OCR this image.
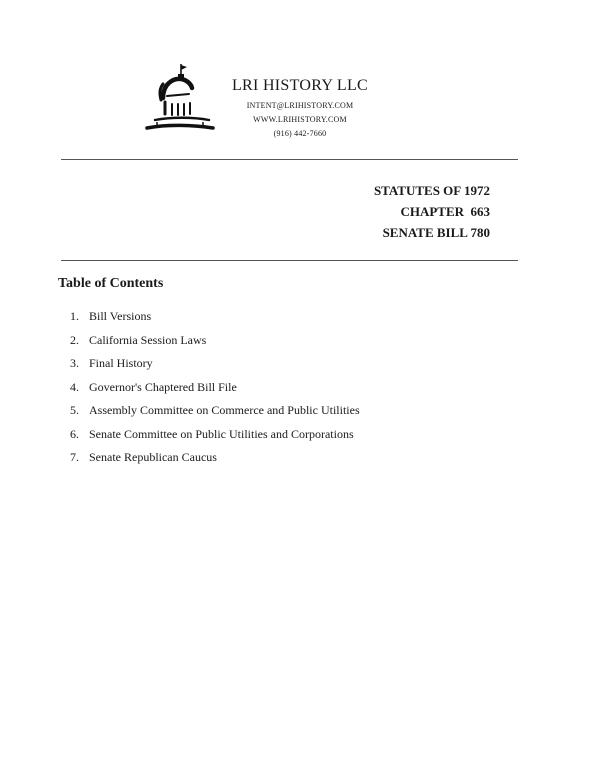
LRI HISTORY LLC
INTENT@LRIHISTORY.COM
WWW.LRIHISTORY.COM
(916) 442-7660
STATUTES OF 1972
CHAPTER  663
SENATE BILL 780
Table of Contents
1. Bill Versions
2. California Session Laws
3. Final History
4. Governor's Chaptered Bill File
5. Assembly Committee on Commerce and Public Utilities
6. Senate Committee on Public Utilities and Corporations
7. Senate Republican Caucus
